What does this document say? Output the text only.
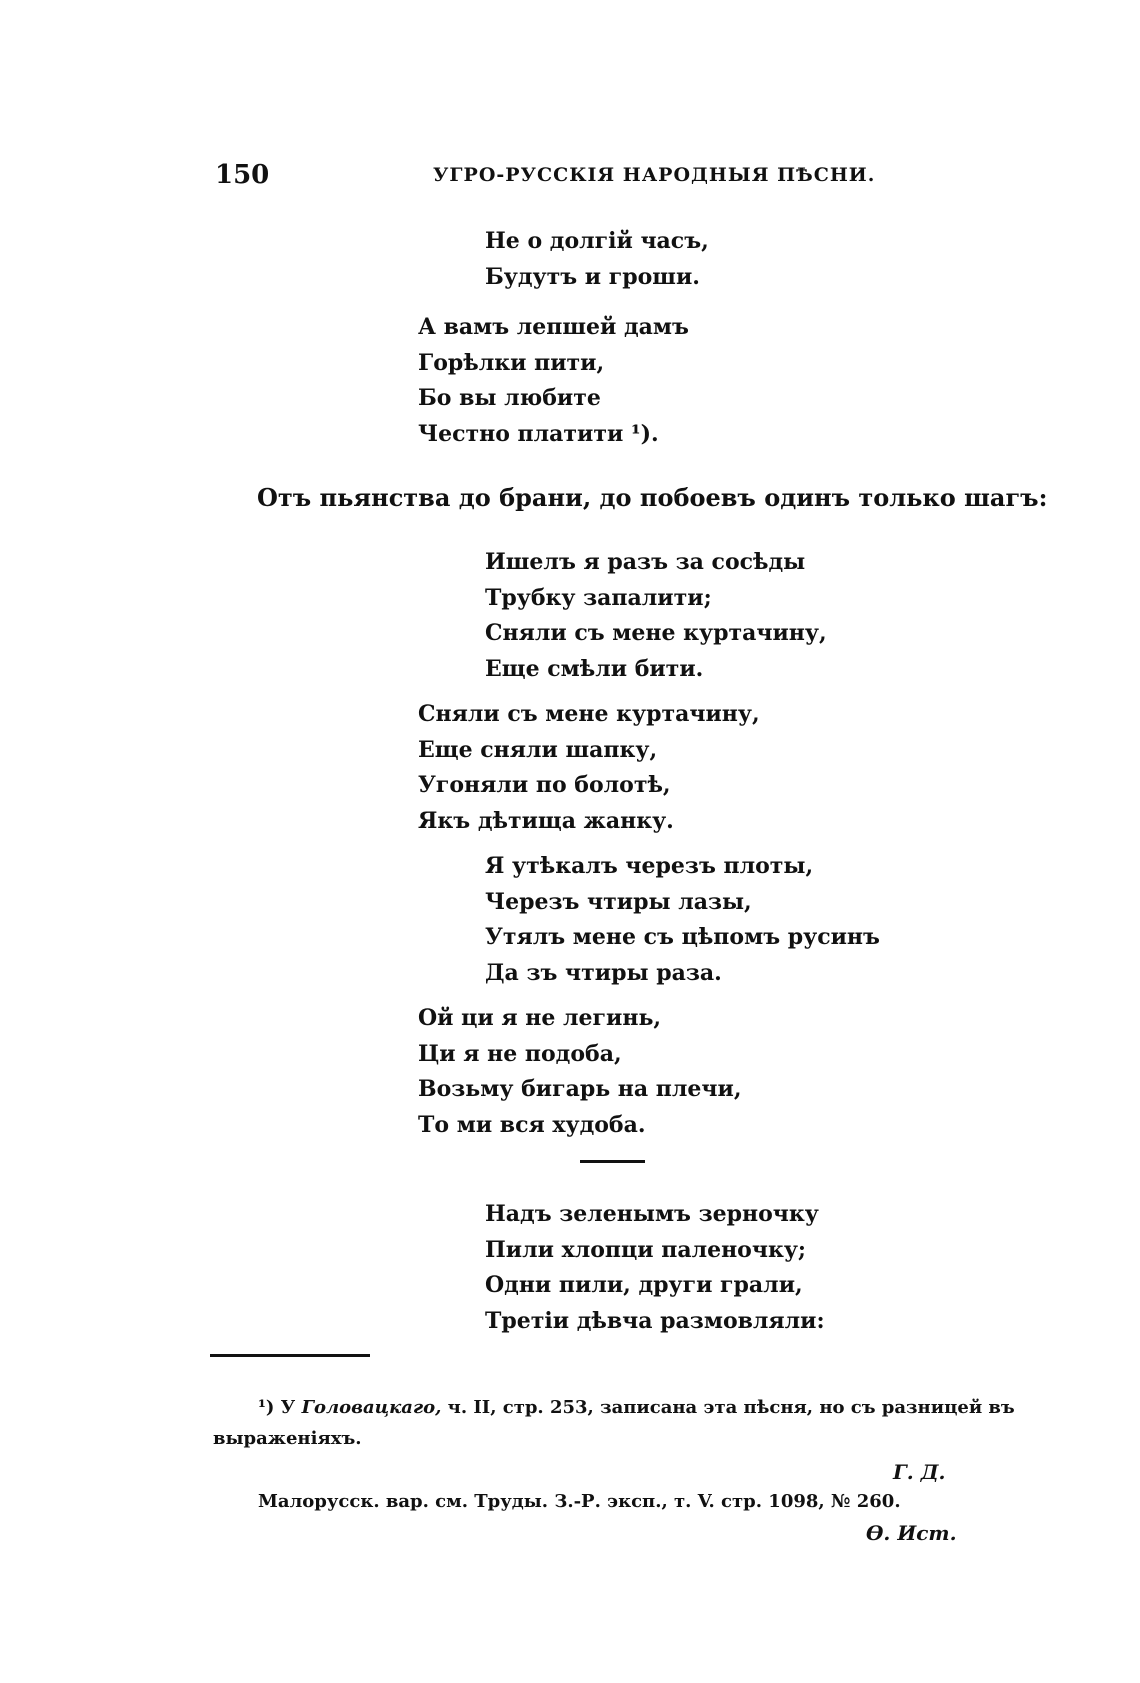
150	УГРО-РУССКІЯ НАРОДНЫЯ ПѢСНИ.
Не о долгій часъ,
Будутъ и гроши.
А вамъ лепшей дамъ
Горѣлки пити,
Бо вы любите
Честно платити ¹).
Отъ пьянства до брани, до побоевъ одинъ только шагъ:
Ишелъ я разъ за сосѣды
Трубку запалити;
Сняли съ мене куртачину,
Еще смѣли бити.
Сняли съ мене куртачину,
Еще сняли шапку,
Угоняли по болотѣ,
Якъ дѣтища жанку.
Я утѣкалъ черезъ плоты,
Черезъ чтиры лазы,
Утялъ мене съ цѣпомъ русинъ
Да зъ чтиры раза.
Ой ци я не легинь,
Ци я не подоба,
Возьму бигарь на плечи,
То ми вся худоба.
Надъ зеленымъ зерночку
Пили хлопци паленочку;
Одни пили, други грали,
Третіи дѣвча размовляли:
¹) У Головацкаго, ч. II, стр. 253, записана эта пѣсня, но съ разницей въ
выраженіяхъ.
Г. Д.
Малорусск. вар. см. Труды. З.-Р. эксп., т. V. стр. 1098, № 260.
Ө. Ист.
